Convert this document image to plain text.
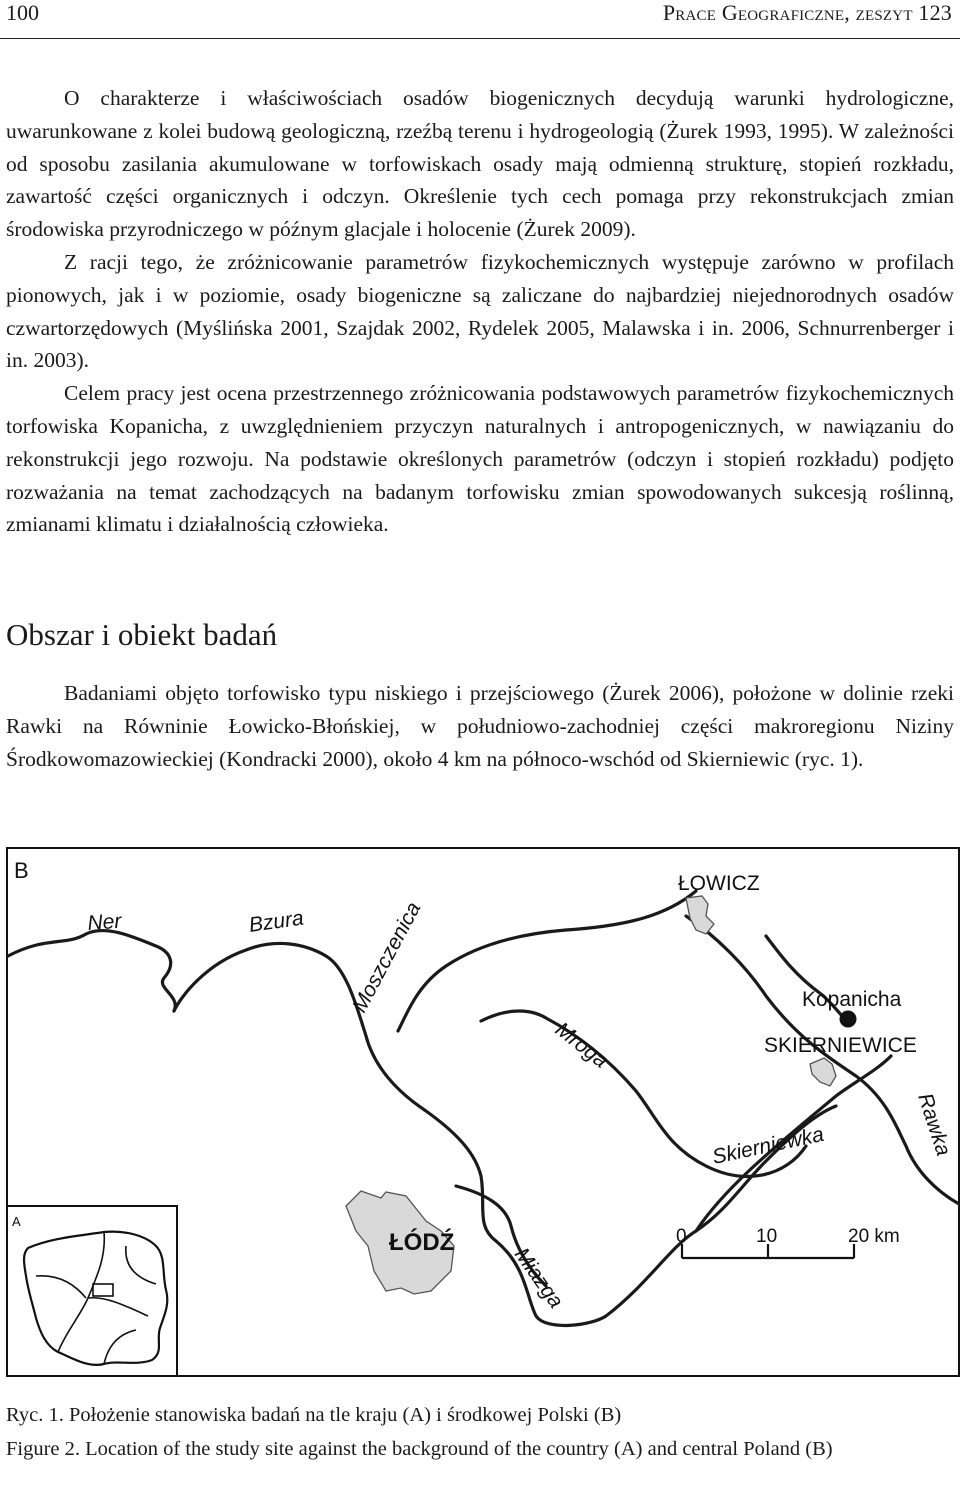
100	Prace Geograficzne, zeszyt 123

O charakterze i właściwościach osadów biogenicznych decydują warunki hydrologiczne, uwarunkowane z kolei budową geologiczną, rzeźbą terenu i hydrogeologią (Żurek 1993, 1995). W zależności od sposobu zasilania akumulowane w torfowiskach osady mają odmienną strukturę, stopień rozkładu, zawartość części organicznych i odczyn. Określenie tych cech pomaga przy rekonstrukcjach zmian środowiska przyrodniczego w późnym glacjale i holocenie (Żurek 2009).

Z racji tego, że zróżnicowanie parametrów fizykochemicznych występuje zarówno w profilach pionowych, jak i w poziomie, osady biogeniczne są zaliczane do najbardziej niejednorodnych osadów czwartorzędowych (Myślińska 2001, Szajdak 2002, Rydelek 2005, Malawska i in. 2006, Schnurrenberger i in. 2003).

Celem pracy jest ocena przestrzennego zróżnicowania podstawowych parametrów fizykochemicznych torfowiska Kopanicha, z uwzględnieniem przyczyn naturalnych i antropogenicznych, w nawiązaniu do rekonstrukcji jego rozwoju. Na podstawie określonych parametrów (odczyn i stopień rozkładu) podjęto rozważania na temat zachodzących na badanym torfowisku zmian spowodowanych sukcesją roślinną, zmianami klimatu i działalnością człowieka.

Obszar i obiekt badań

Badaniami objęto torfowisko typu niskiego i przejściowego (Żurek 2006), położone w dolinie rzeki Rawki na Równinie Łowicko-Błońskiej, w południowo-zachodniej części makroregionu Niziny Środkowomazowieckiej (Kondracki 2000), około 4 km na północo-wschód od Skierniewic (ryc. 1).

B
A
Ner	Bzura Moszczenica
Mroga
Skierniewka	Rawka
Miazga
ŁOWICZ
Kopanicha
SKIERNIEWICE
ŁÓDŹ	0	10	20 km
Ryc. 1. Położenie stanowiska badań na tle kraju (A) i środkowej Polski (B)
Figure 2. Location of the study site against the background of the country (A) and central Poland (B)
